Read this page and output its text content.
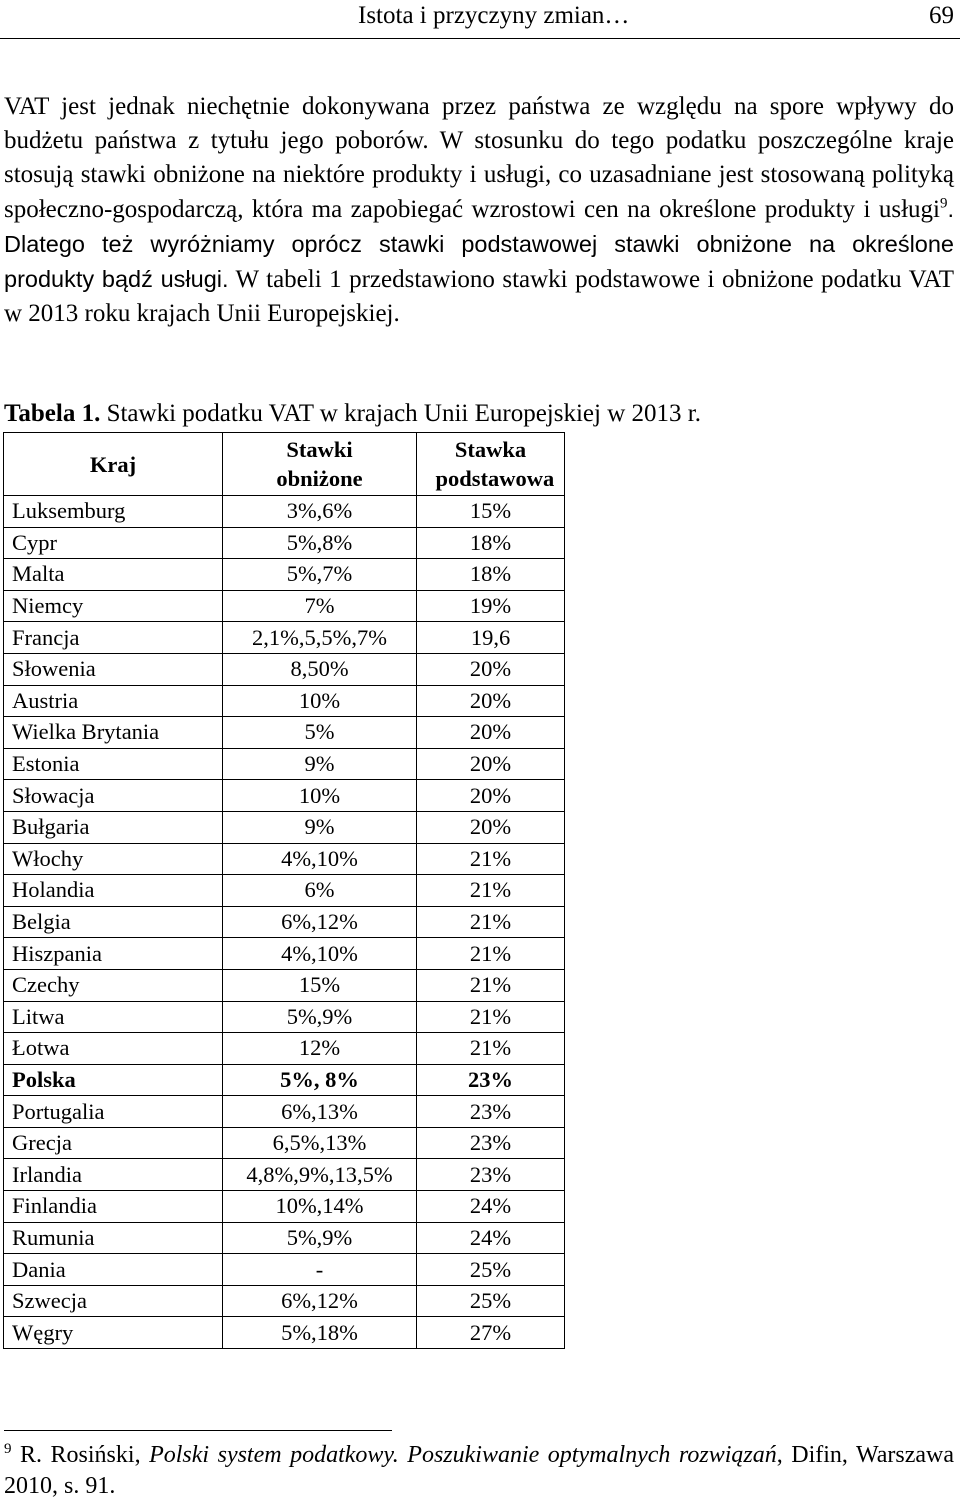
Istota i przyczyny zmian…	69

VAT jest jednak niechętnie dokonywana przez państwa ze względu na spore wpływy do budżetu państwa z tytułu jego poborów. W stosunku do tego podatku poszczególne kraje stosują stawki obniżone na niektóre produkty i usługi, co uzasadniane jest stosowaną polityką społeczno-gospodarczą, która ma zapobiegać wzrostowi cen na określone produkty i usługi$^9$. Dlatego też wyróżniamy oprócz stawki podstawowej stawki obniżone na określone produkty bądź usługi. W tabeli 1 przedstawiono stawki podstawowe i obniżone podatku VAT w 2013 roku krajach Unii Europejskiej.

Tabela 1. Stawki podatku VAT w krajach Unii Europejskiej w 2013 r.

Kraj	Stawki obniżone	Stawka podstawowa
Luksemburg	3%,6%	15%
Cypr	5%,8%	18%
Malta	5%,7%	18%
Niemcy	7%	19%
Francja	2,1%,5,5%,7%	19,6
Słowenia	8,50%	20%
Austria	10%	20%
Wielka Brytania	5%	20%
Estonia	9%	20%
Słowacja	10%	20%
Bułgaria	9%	20%
Włochy	4%,10%	21%
Holandia	6%	21%
Belgia	6%,12%	21%
Hiszpania	4%,10%	21%
Czechy	15%	21%
Litwa	5%,9%	21%
Łotwa	12%	21%
Polska	5%, 8%	23%
Portugalia	6%,13%	23%
Grecja	6,5%,13%	23%
Irlandia	4,8%,9%,13,5%	23%
Finlandia	10%,14%	24%
Rumunia	5%,9%	24%
Dania	-	25%
Szwecja	6%,12%	25%
Węgry	5%,18%	27%

$^9$ R. Rosiński, Polski system podatkowy. Poszukiwanie optymalnych rozwiązań, Difin, Warszawa 2010, s. 91.
